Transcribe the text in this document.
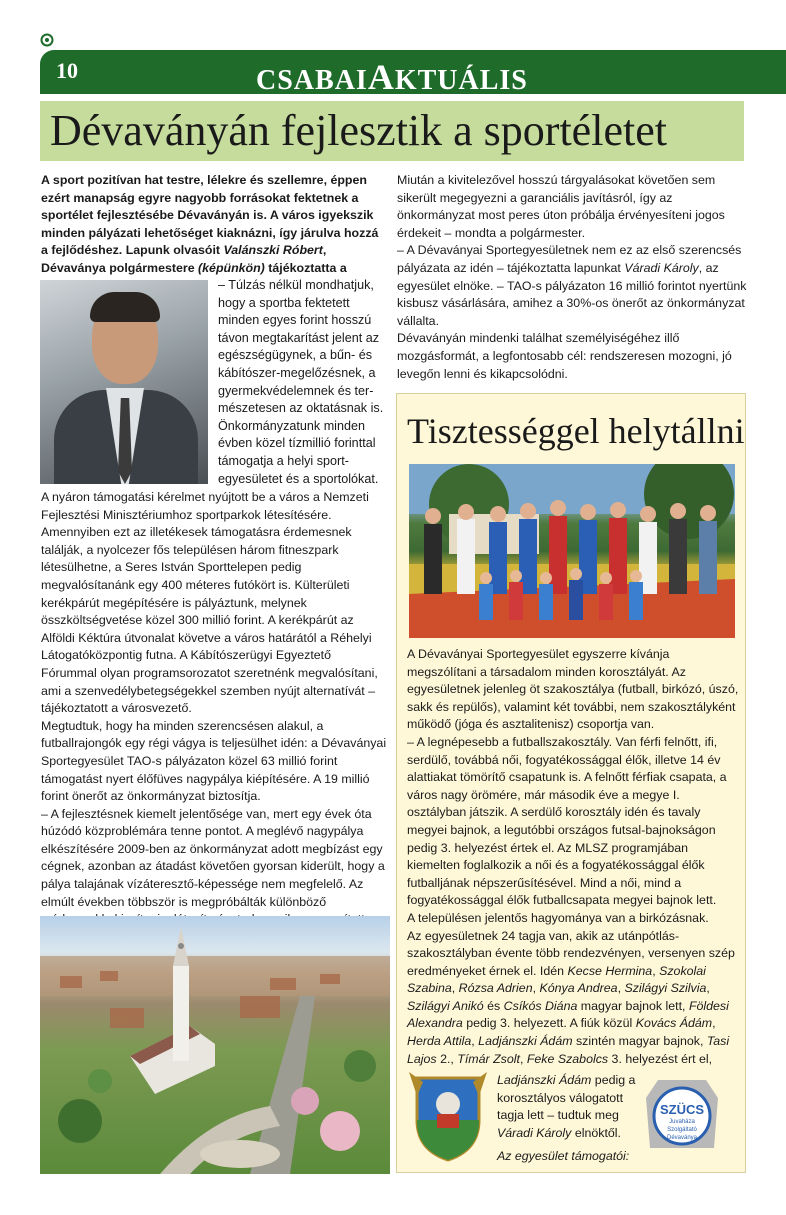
10	CSABAIAKTUÁLIS
Dévaványán fejlesztik a sportéletet
A sport pozitívan hat testre, lélekre és szellemre, éppen ezért manapság egyre nagyobb forrásokat fektetnek a sportélet fejlesztésébe Dévaványán is. A város igyekszik minden pályázati lehetőséget kiaknázni, így járulva hozzá a fejlődéshez. Lapunk olvasóit Valánszki Róbert, Dévaványa polgármestere (képünkön) tájékoztatta a
– Túlzás nélkül mondhatjuk,
hogy a sportba fektetett
minden egyes forint hosszú
távon megtakarítást jelent az
egészségügynek, a bűn- és
kábítószer-megelőzésnek, a
gyermekvédelemnek és ter-
mészetesen az oktatásnak is.
Önkormányzatunk minden
évben közel tízmillió forinttal
támogatja a helyi sport-
egyesületet és a sportolókat.

A nyáron támogatási kérelmet nyújtott be a város a Nemzeti Fejlesztési Minisztériumhoz sportparkok létesítésére. Amennyiben ezt az illetékesek támogatásra érdemesnek találják, a nyolcezer fős településen három fitneszpark létesülhetne, a Seres István Sporttelepen pedig megvalósítanánk egy 400 méteres futókört is. Külterületi kerékpárút megépítésére is pályáztunk, melynek összköltségvetése közel 300 millió forint. A kerékpárút az Alföldi Kéktúra útvonalat követve a város határától a Réhelyi Látogatóközpontig futna. A Kábítószerügyi Egyeztető Fórummal olyan programsorozatot szeretnénk megvalósítani, ami a szenvedélybetegségekkel szemben nyújt alternatívát – tájékoztatott a városvezető.

Megtudtuk, hogy ha minden szerencsésen alakul, a futballrajongók egy régi vágya is teljesülhet idén: a Dévaványai Sportegyesület TAO-s pályázaton közel 63 millió forint támogatást nyert élőfüves nagypálya kiépítésére. A 19 millió forint önerőt az önkormányzat biztosítja.

– A fejlesztésnek kiemelt jelentősége van, mert egy évek óta húzódó közproblémára tenne pontot. A meglévő nagypálya elkészítésére 2009-ben az önkormányzat adott megbízást egy cégnek, azonban az átadást követően gyorsan kiderült, hogy a pálya talajának vízáteresztő-képessége nem megfelelő. Az elmúlt években többször is megpróbálták különböző

Miután a kivitelezővel hosszú tárgyalásokat követően sem sikerült megegyezni a garanciális javításról, így az önkormányzat most peres úton próbálja érvényesíteni jogos érdekeit – mondta a polgármester.

– A Dévaványai Sportegyesületnek nem ez az első szerencsés pályázata az idén – tájékoztatta lapunkat Váradi Károly, az egyesület elnöke. – TAO-s pályázaton 16 millió forintot nyertünk kisbusz vásárlására, amihez a 30%-os önerőt az önkormányzat vállalta.

Dévaványán mindenki találhat személyiségéhez illő mozgásformát, a legfontosabb cél: rendszeresen mozogni, jó levegőn lenni és kikapcsolódni.

Tisztességgel helytállni

A Dévaványai Sportegyesület egyszerre kívánja megszólítani a társadalom minden korosztályát. Az egyesületnek jelenleg öt szakosztálya (futball, birkózó, úszó, sakk és repülős), valamint két további, nem szakosztályként működő (jóga és asztalitenisz) csoportja van.

– A legnépesebb a futballszakosztály. Van férfi felnőtt, ifi, serdülő, továbbá női, fogyatékossággal élők, illetve 14 év alattiakat tömörítő csapatunk is. A felnőtt férfiak csapata, a város nagy örömére, már második éve a megye I. osztályban játszik. A serdülő korosztály idén és tavaly megyei bajnok, a legutóbbi országos futsal-bajnokságon pedig 3. helyezést értek el. Az MLSZ programjában kiemelten foglalkozik a női és a fogyatékossággal élők futballjának népszerűsítésével. Mind a női, mind a fogyatékossággal élők futballcsapata megyei bajnok lett.

A településen jelentős hagyománya van a birkózásnak.

Az egyesületnek 24 tagja van, akik az utánpótlás-szakosztályban évente több rendezvényen, versenyen szép eredményeket érnek el. Idén Kecse Hermina, Szokolai Szabina, Rózsa Adrien, Kónya Andrea, Szilágyi Szilvia, Szilágyi Anikó és Csíkós Diána magyar bajnok lett, Földesi Alexandra pedig 3. helyezett. A fiúk közül Kovács Ádám, Herda Attila, Ladjánszki Ádám szintén magyar bajnok, Tasi Lajos 2., Tímár Zsolt, Feke Szabolcs 3. helyezést ért el,

Ladjánszki Ádám pedig a korosztályos válogatott tagja lett – tudtuk meg Váradi Károly elnöktől.

Az egyesület támogatói:

SZÜCS
Juvaháza Szolgáltató Dévaványa
